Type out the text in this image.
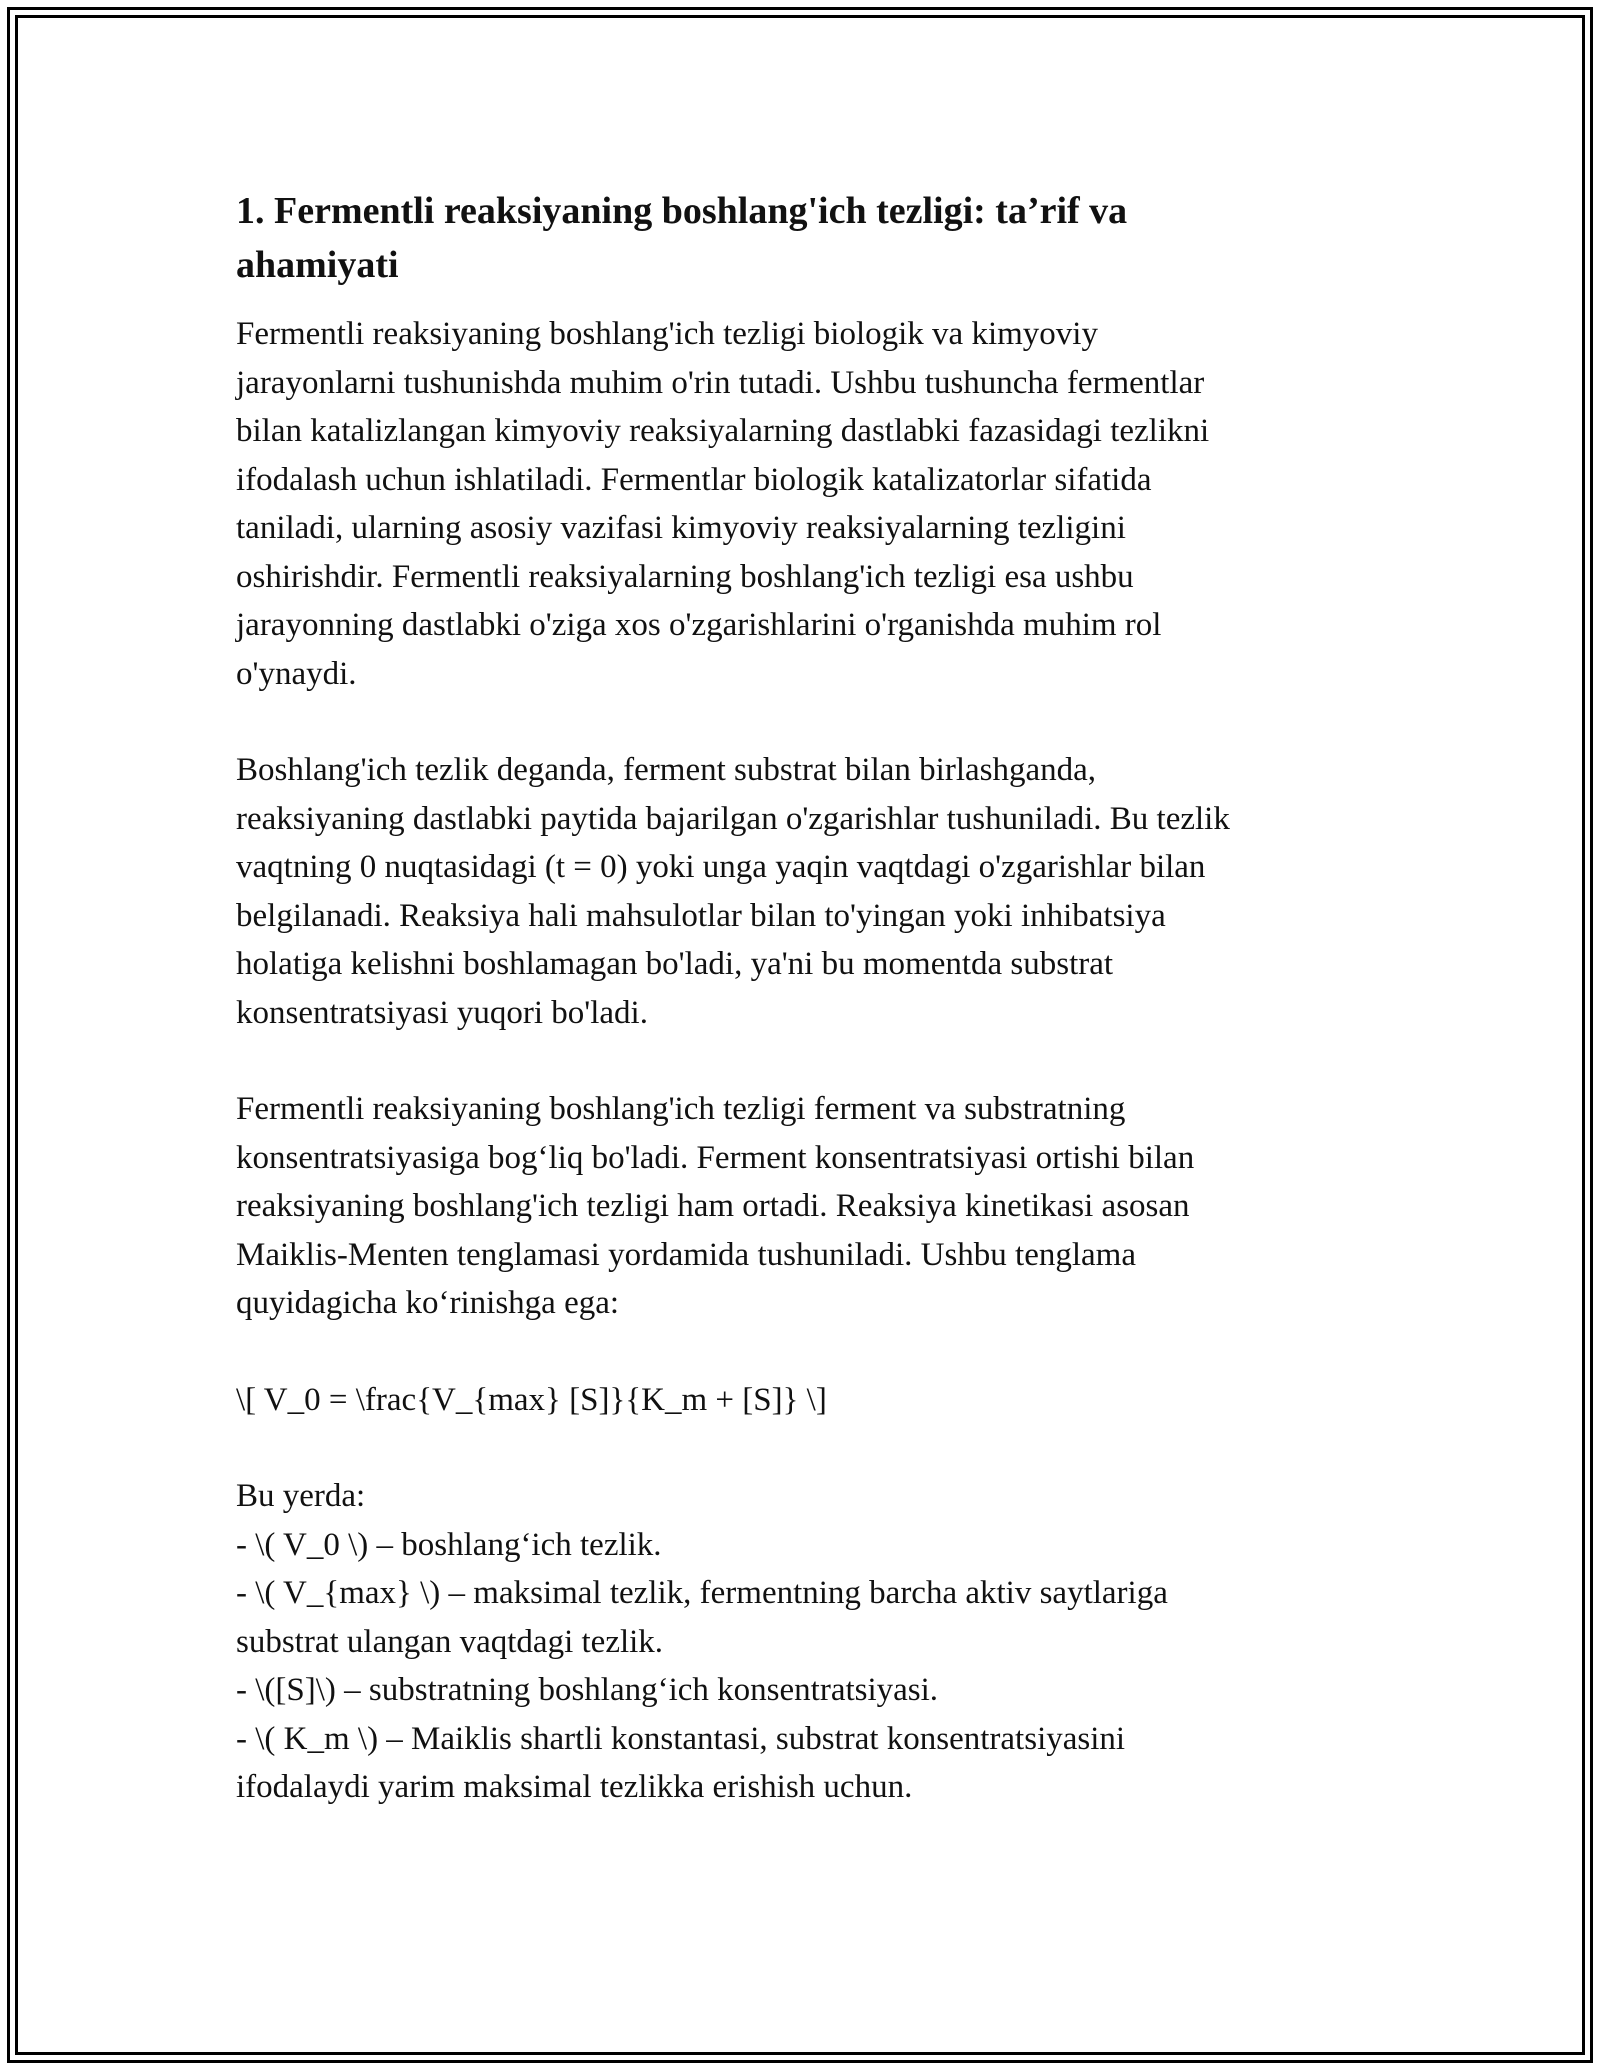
1. Fermentli reaksiyaning boshlang'ich tezligi: ta’rif va
ahamiyati
Fermentli reaksiyaning boshlang'ich tezligi biologik va kimyoviy
jarayonlarni tushunishda muhim o'rin tutadi. Ushbu tushuncha fermentlar
bilan katalizlangan kimyoviy reaksiyalarning dastlabki fazasidagi tezlikni
ifodalash uchun ishlatiladi. Fermentlar biologik katalizatorlar sifatida
taniladi, ularning asosiy vazifasi kimyoviy reaksiyalarning tezligini
oshirishdir. Fermentli reaksiyalarning boshlang'ich tezligi esa ushbu
jarayonning dastlabki o'ziga xos o'zgarishlarini o'rganishda muhim rol
o'ynaydi.
Boshlang'ich tezlik deganda, ferment substrat bilan birlashganda,
reaksiyaning dastlabki paytida bajarilgan o'zgarishlar tushuniladi. Bu tezlik
vaqtning 0 nuqtasidagi (t = 0) yoki unga yaqin vaqtdagi o'zgarishlar bilan
belgilanadi. Reaksiya hali mahsulotlar bilan to'yingan yoki inhibatsiya
holatiga kelishni boshlamagan bo'ladi, ya'ni bu momentda substrat
konsentratsiyasi yuqori bo'ladi.
Fermentli reaksiyaning boshlang'ich tezligi ferment va substratning
konsentratsiyasiga bog‘liq bo'ladi. Ferment konsentratsiyasi ortishi bilan
reaksiyaning boshlang'ich tezligi ham ortadi. Reaksiya kinetikasi asosan
Maiklis-Menten tenglamasi yordamida tushuniladi. Ushbu tenglama
quyidagicha ko‘rinishga ega:
\[ V_0 = \frac{V_{max} [S]}{K_m + [S]} \]
Bu yerda:
- \( V_0 \) – boshlang‘ich tezlik.
- \( V_{max} \) – maksimal tezlik, fermentning barcha aktiv saytlariga
substrat ulangan vaqtdagi tezlik.
- \([S]\) – substratning boshlang‘ich konsentratsiyasi.
- \( K_m \) – Maiklis shartli konstantasi, substrat konsentratsiyasini
ifodalaydi yarim maksimal tezlikka erishish uchun.
